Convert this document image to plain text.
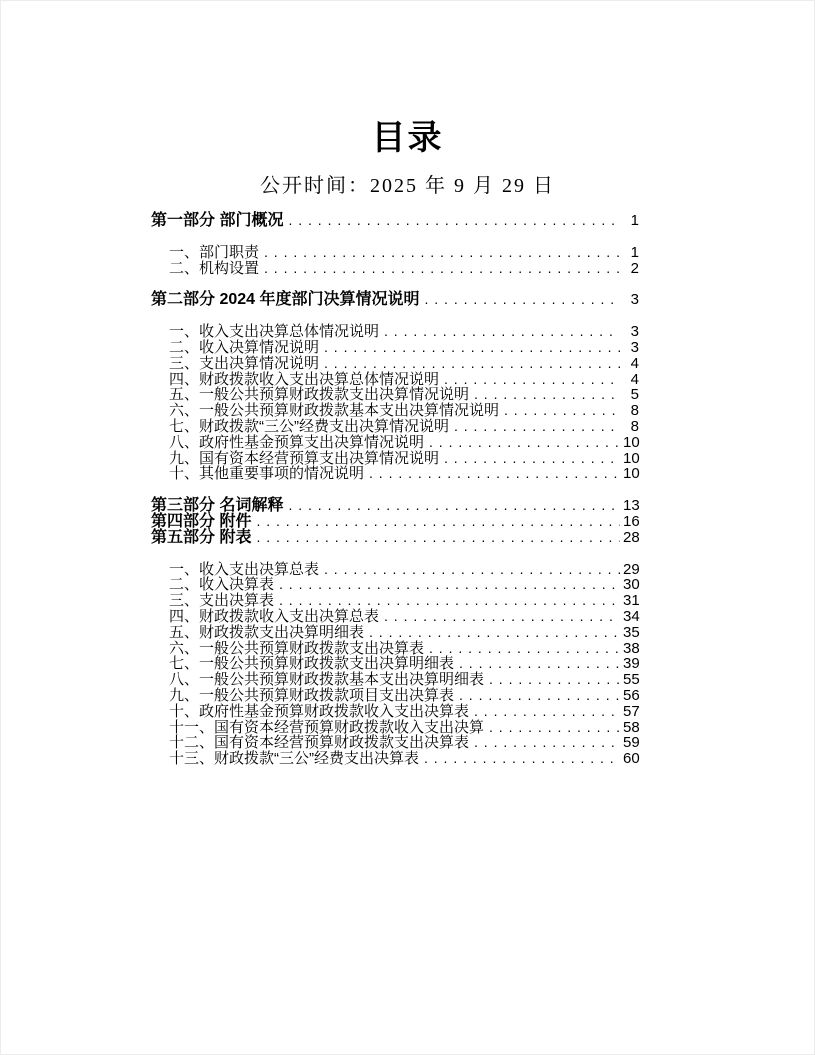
目录
公开时间：2025 年 9 月 29 日
第一部分 部门概况 . . .	1
一、部门职责 . . .	1
二、机构设置 . . .	2
第二部分 2024 年度部门决算情况说明 . . .	3
一、收入支出决算总体情况说明 . . .	3
二、收入决算情况说明 . . .	3
三、支出决算情况说明 . . .	4
四、财政拨款收入支出决算总体情况说明 . . .	4
五、一般公共预算财政拨款支出决算情况说明 . . .	5
六、一般公共预算财政拨款基本支出决算情况说明 . . .	8
七、财政拨款“三公”经费支出决算情况说明 . . .	8
八、政府性基金预算支出决算情况说明 . . .	10
九、国有资本经营预算支出决算情况说明 . . .	10
十、其他重要事项的情况说明 . . .	10
第三部分 名词解释 . . .	13
第四部分 附件 . . .	16
第五部分 附表 . . .	28
一、收入支出决算总表 . . .	29
二、收入决算表 . . .	30
三、支出决算表 . . .	31
四、财政拨款收入支出决算总表 . . .	34
五、财政拨款支出决算明细表 . . .	35
六、一般公共预算财政拨款支出决算表 . . .	38
七、一般公共预算财政拨款支出决算明细表 . . .	39
八、一般公共预算财政拨款基本支出决算明细表 . . .	55
九、一般公共预算财政拨款项目支出决算表 . . .	56
十、政府性基金预算财政拨款收入支出决算表 . . .	57
十一、国有资本经营预算财政拨款收入支出决算 . . .	58
十二、国有资本经营预算财政拨款支出决算表 . . .	59
十三、财政拨款“三公”经费支出决算表 . . .	60
